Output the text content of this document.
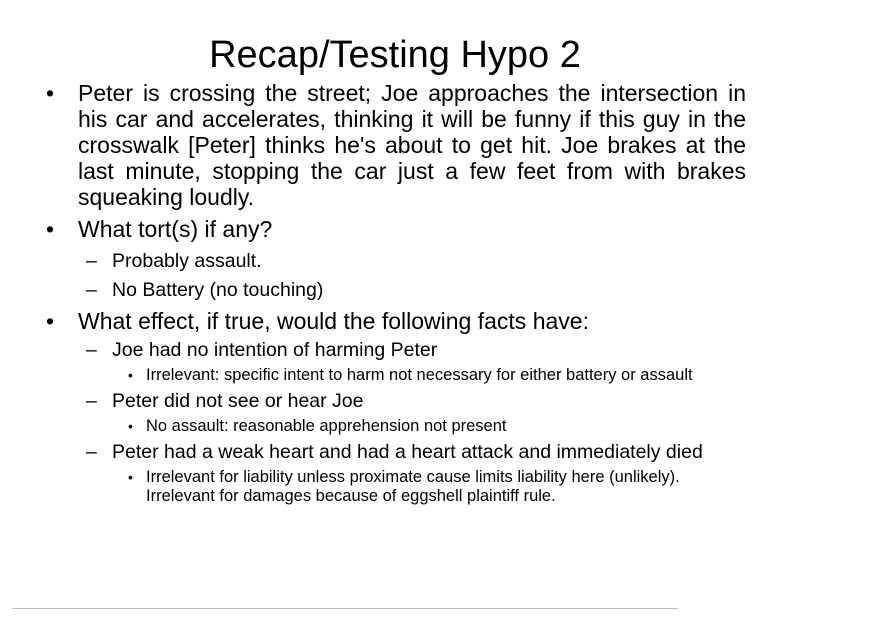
Recap/Testing Hypo 2
• Peter is crossing the street; Joe approaches the intersection in his car and accelerates, thinking it will be funny if this guy in the crosswalk [Peter] thinks he's about to get hit. Joe brakes at the last minute, stopping the car just a few feet from with brakes squeaking loudly.
• What tort(s) if any?
– Probably assault.
– No Battery (no touching)
• What effect, if true, would the following facts have:
– Joe had no intention of harming Peter
• Irrelevant: specific intent to harm not necessary for either battery or assault
– Peter did not see or hear Joe
• No assault: reasonable apprehension not present
– Peter had a weak heart and had a heart attack and immediately died
• Irrelevant for liability unless proximate cause limits liability here (unlikely). Irrelevant for damages because of eggshell plaintiff rule.
